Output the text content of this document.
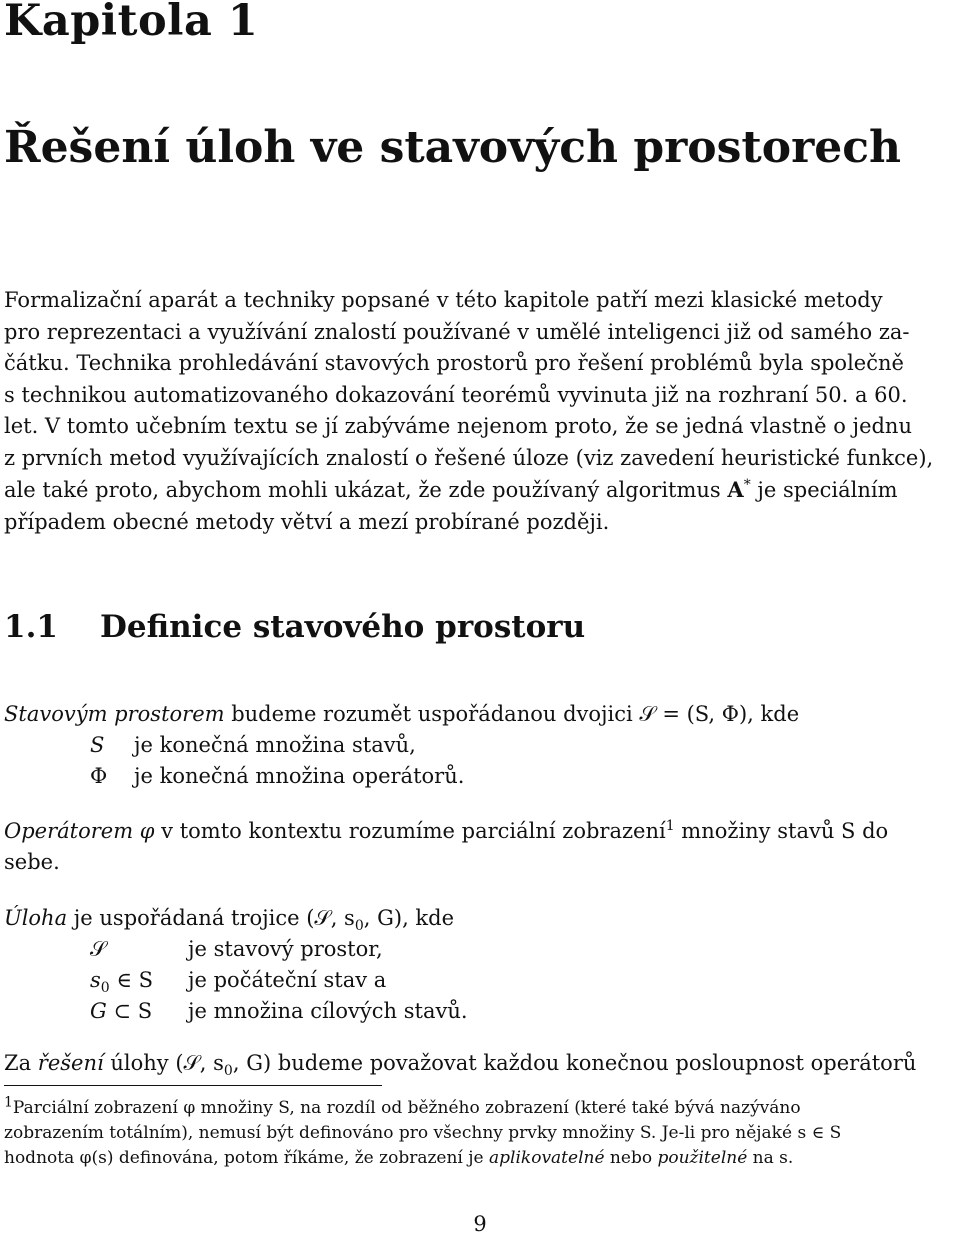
Kapitola 1
Řešení úloh ve stavových prostorech

Formalizační aparát a techniky popsané v této kapitole patří mezi klasické metody

pro reprezentaci a využívání znalostí používané v umělé inteligenci již od samého za-

čátku. Technika prohledávání stavových prostorů pro řešení problémů byla společně

s technikou automatizovaného dokazování teorémů vyvinuta již na rozhraní 50. a 60.

let. V tomto učebním textu se jí zabýváme nejenom proto, že se jedná vlastně o jednu

z prvních metod využívajících znalostí o řešené úloze (viz zavedení heuristické funkce),

ale také proto, abychom mohli ukázat, že zde používaný algoritmus A* je speciálním

případem obecné metody větví a mezí probírané později.

1.1 Definice stavového prostoru
Stavovým prostorem budeme rozumět uspořádanou dvojici 𝒮 = (S, Φ), kde
S je konečná množina stavů,
Φ je konečná množina operátorů.
Operátorem φ v tomto kontextu rozumíme parciální zobrazení$^1$ množiny stavů S do
sebe.
Úloha je uspořádaná trojice (𝒮, $s_0$, G), kde
𝒮	je stavový prostor,
$s_0$ ∈ S je počáteční stav a
G ⊂ S je množina cílových stavů.
Za řešení úlohy (𝒮, $s_0$, G) budeme považovat každou konečnou posloupnost operátorů

$^1$Parciální zobrazení φ množiny S, na rozdíl od běžného zobrazení (které také bývá nazýváno

zobrazením totálním), nemusí být definováno pro všechny prvky množiny S. Je-li pro nějaké s ∈ S

hodnota φ(s) definována, potom říkáme, že zobrazení je aplikovatelné nebo použitelné na s.

9
